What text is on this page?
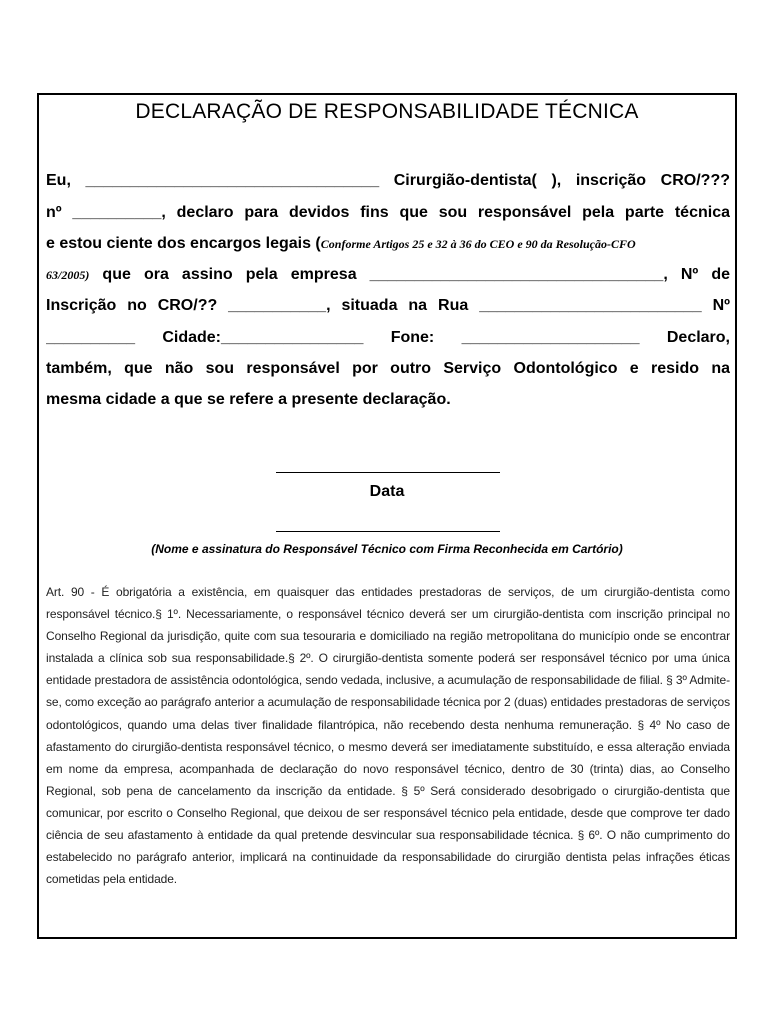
DECLARAÇÃO DE RESPONSABILIDADE TÉCNICA
Eu, _________________________________ Cirurgião-dentista( ), inscrição CRO/???
nº __________, declaro para devidos fins que sou responsável pela parte técnica
e estou ciente dos encargos legais (Conforme Artigos 25 e 32 à 36 do CEO e 90 da Resolução-CFO
63/2005) que ora assino pela empresa _________________________________, Nº de
Inscrição no CRO/?? ___________, situada na Rua _________________________ Nº
__________ Cidade:________________ Fone: ____________________ Declaro,
também, que não sou responsável por outro Serviço Odontológico e resido na
mesma cidade a que se refere a presente declaração.
Data
(Nome e assinatura do Responsável Técnico com Firma Reconhecida em Cartório)
Art. 90 - É obrigatória a existência, em quaisquer das entidades prestadoras de serviços, de um cirurgião-dentista como responsável técnico.§ 1º. Necessariamente, o responsável técnico deverá ser um cirurgião-dentista com inscrição principal no Conselho Regional da jurisdição, quite com sua tesouraria e domiciliado na região metropolitana do município onde se encontrar instalada a clínica sob sua responsabilidade.§ 2º. O cirurgião-dentista somente poderá ser responsável técnico por uma única entidade prestadora de assistência odontológica, sendo vedada, inclusive, a acumulação de responsabilidade de filial. § 3º Admite-se, como exceção ao parágrafo anterior a acumulação de responsabilidade técnica por 2 (duas) entidades prestadoras de serviços odontológicos, quando uma delas tiver finalidade filantrópica, não recebendo desta nenhuma remuneração. § 4º No caso de afastamento do cirurgião-dentista responsável técnico, o mesmo deverá ser imediatamente substituído, e essa alteração enviada em nome da empresa, acompanhada de declaração do novo responsável técnico, dentro de 30 (trinta) dias, ao Conselho Regional, sob pena de cancelamento da inscrição da entidade. § 5º Será considerado desobrigado o cirurgião-dentista que comunicar, por escrito o Conselho Regional, que deixou de ser responsável técnico pela entidade, desde que comprove ter dado ciência de seu afastamento à entidade da qual pretende desvincular sua responsabilidade técnica. § 6º. O não cumprimento do estabelecido no parágrafo anterior, implicará na continuidade da responsabilidade do cirurgião dentista pelas infrações éticas cometidas pela entidade.
